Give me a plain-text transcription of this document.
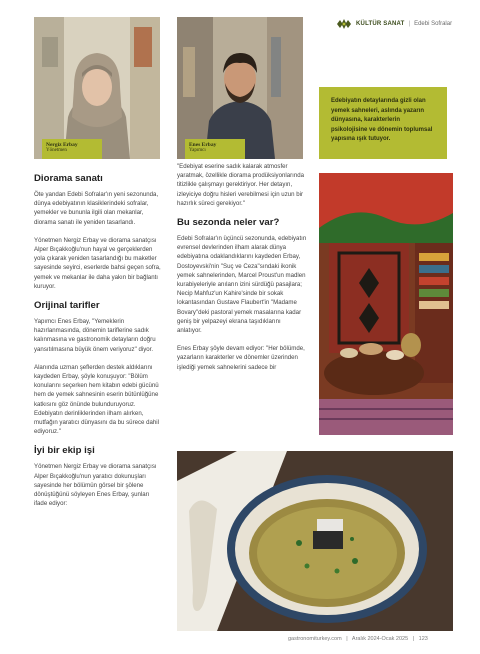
KÜLTÜR SANAT | Edebi Sofralar
Nergiz Erbay
Yönetmen
Enes Erbay
Yapımcı
Edebiyatın detaylarında gizli olan yemek sahneleri, aslında yazarın dünyasına, karakterlerin psikolojisine ve dönemin toplumsal yapısına ışık tutuyor.
Diorama sanatı

Öte yandan Edebi Sofralar'ın yeni sezonunda, dünya edebiyatının klasiklerindeki sofralar, yemekler ve bununla ilgili olan mekanlar, diorama sanatı ile yeniden tasarlandı.

Yönetmen Nergiz Erbay ve diorama sanatçısı Alper Bıçakkoğlu'nun hayal ve gerçeklerden yola çıkarak yeniden tasarlandığı bu maketler sayesinde seyirci, eserlerde bahsi geçen sofra, yemek ve mekanlar ile daha yakın bir bağlantı kuruyor.

Orijinal tarifler

Yapımcı Enes Erbay, "Yemeklerin hazırlanmasında, dönemin tariflerine sadık kalınmasına ve gastronomik detayların doğru yansıtılmasına büyük önem veriyoruz" diyor.

Alanında uzman şeflerden destek aldıklarını kaydeden Erbay, şöyle konuşuyor: "Bölüm konularını seçerken hem kitabın edebi gücünü hem de yemek sahnesinin eserin bütünlüğüne katkısını göz önünde bulunduruyoruz. Edebiyatın derinliklerinden ilham alırken, mutfağın yaratıcı dünyasını da bu sürece dahil ediyoruz."

İyi bir ekip işi

Yönetmen Nergiz Erbay ve diorama sanatçısı Alper Bıçakkoğlu'nun yaratıcı dokunuşları sayesinde her bölümün görsel bir şölene dönüştüğünü söyleyen Enes Erbay, şunları ifade ediyor:

"Edebiyat eserine sadık kalarak atmosfer yaratmak, özellikle diorama prodüksiyonlarında titizlikle çalışmayı gerektiriyor. Her detayın, izleyiciye doğru hisleri verebilmesi için uzun bir hazırlık süreci gerekiyor."

Bu sezonda neler var?

Edebi Sofralar'ın üçüncü sezonunda, edebiyatın evrensel devlerinden ilham alarak dünya edebiyatına odaklandıklarını kaydeden Erbay, Dostoyevski'nin "Suç ve Ceza"sındaki ikonik yemek sahnelerinden, Marcel Proust'un madlen kurabiyeleriyle anıların izini sürdüğü pasajlara; Necip Mahfuz'un Kahire'sinde bir sokak lokantasından Gustave Flaubert'in "Madame Bovary"deki pastoral yemek masalarına kadar geniş bir yelpazeyi ekrana taşıdıklarını anlatıyor.

Enes Erbay şöyle devam ediyor: "Her bölümde, yazarların karakterler ve dönemler üzerinden işlediği yemek sahnelerini sadece bir

gastronomiturkey.com | Aralık 2024-Ocak 2025 | 123
